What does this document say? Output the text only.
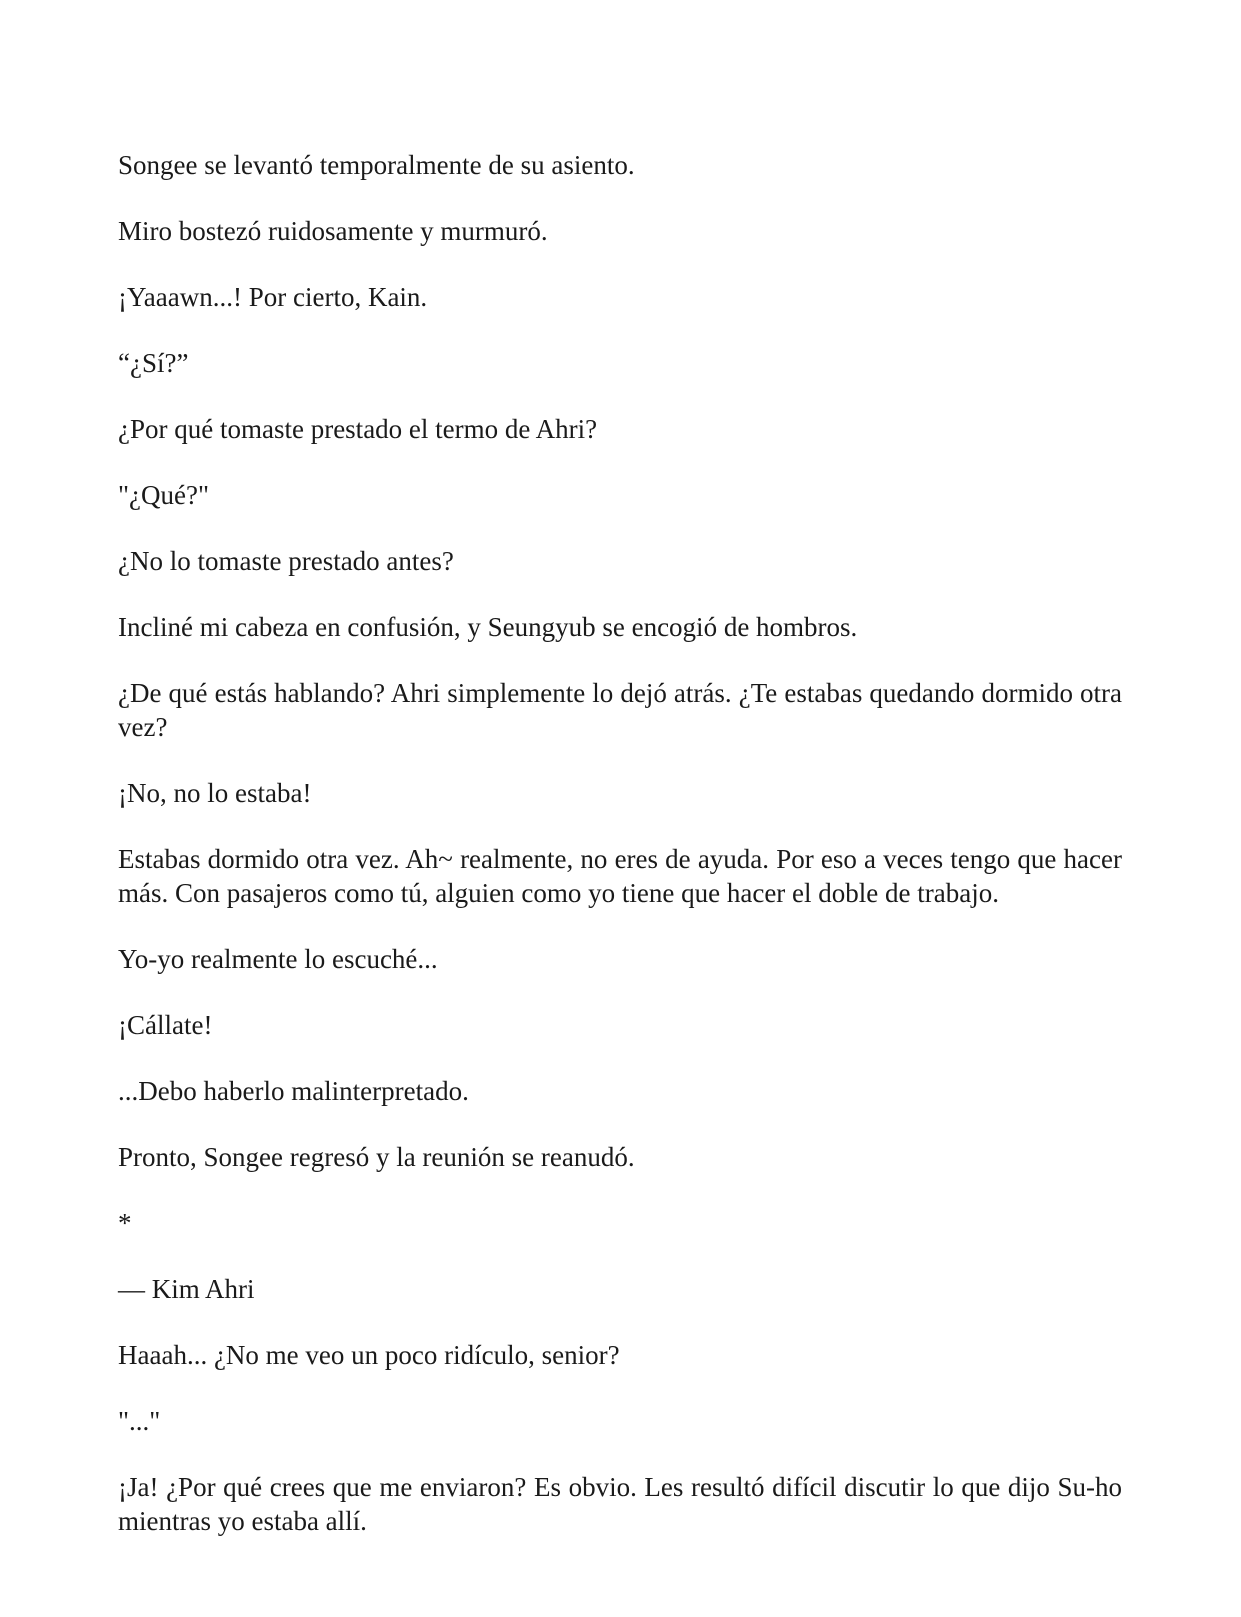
Songee se levantó temporalmente de su asiento.

Miro bostezó ruidosamente y murmuró.

¡Yaaawn...! Por cierto, Kain.

“¿Sí?”

¿Por qué tomaste prestado el termo de Ahri?

"¿Qué?"

¿No lo tomaste prestado antes?

Incliné mi cabeza en confusión, y Seungyub se encogió de hombros.

¿De qué estás hablando? Ahri simplemente lo dejó atrás. ¿Te estabas quedando dormido otra vez?

¡No, no lo estaba!

Estabas dormido otra vez. Ah~ realmente, no eres de ayuda. Por eso a veces tengo que hacer más. Con pasajeros como tú, alguien como yo tiene que hacer el doble de trabajo.

Yo-yo realmente lo escuché...

¡Cállate!

...Debo haberlo malinterpretado.

Pronto, Songee regresó y la reunión se reanudó.

*

— Kim Ahri

Haaah... ¿No me veo un poco ridículo, senior?

"..."

¡Ja! ¿Por qué crees que me enviaron? Es obvio. Les resultó difícil discutir lo que dijo Su-ho mientras yo estaba allí.
